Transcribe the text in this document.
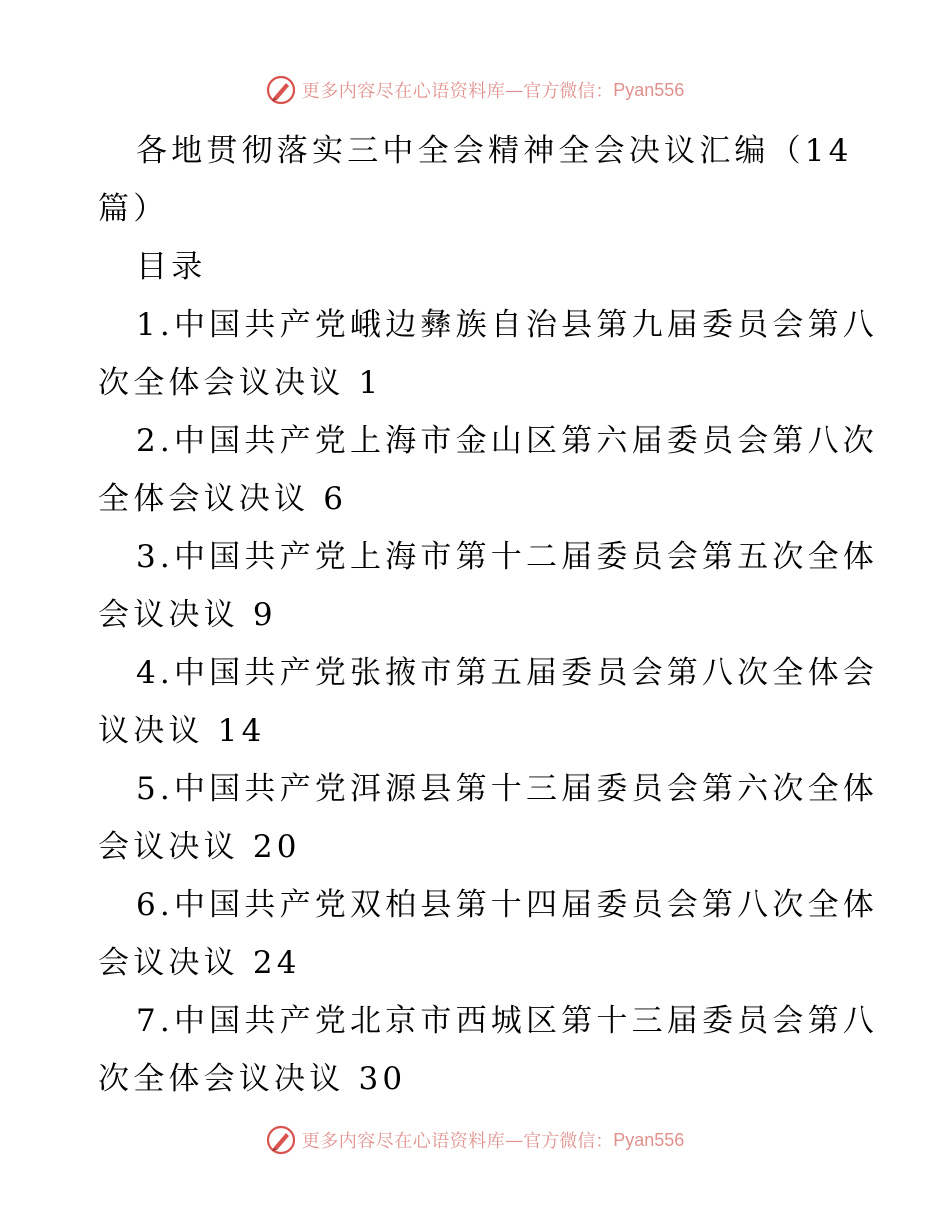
更多内容尽在心语资料库 — 官方微信： Pyan556
各地贯彻落实三中全会精神全会决议汇编（14
篇）
目录
1.中国共产党峨边彝族自治县第九届委员会第八
次全体会议决议 1
2.中国共产党上海市金山区第六届委员会第八次
全体会议决议 6
3.中国共产党上海市第十二届委员会第五次全体
会议决议 9
4.中国共产党张掖市第五届委员会第八次全体会
议决议 14
5.中国共产党洱源县第十三届委员会第六次全体
会议决议 20
6.中国共产党双柏县第十四届委员会第八次全体
会议决议 24
7.中国共产党北京市西城区第十三届委员会第八
次全体会议决议 30
更多内容尽在心语资料库 — 官方微信： Pyan556
